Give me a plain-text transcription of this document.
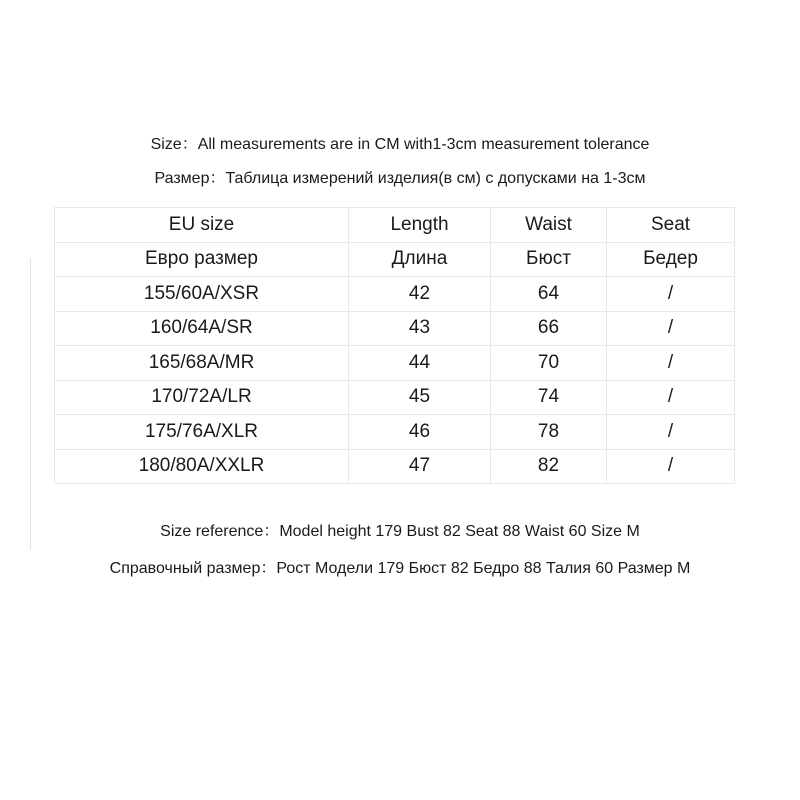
Size：All measurements are in CM with1-3cm measurement tolerance
Размер：Таблица измерений изделия(в см) с допусками на 1-3см
EU size	Length	Waist	Seat
Евро размер	Длина	Бюст	Бедер
155/60A/XSR	42	64	/
160/64A/SR	43	66	/
165/68A/MR	44	70	/
170/72A/LR	45	74	/
175/76A/XLR	46	78	/
180/80A/XXLR	47	82	/
Size reference：Model height 179 Bust 82 Seat 88 Waist 60 Size M
Справочный размер：Рост Модели 179 Бюст 82 Бедро 88 Талия 60 Размер M
